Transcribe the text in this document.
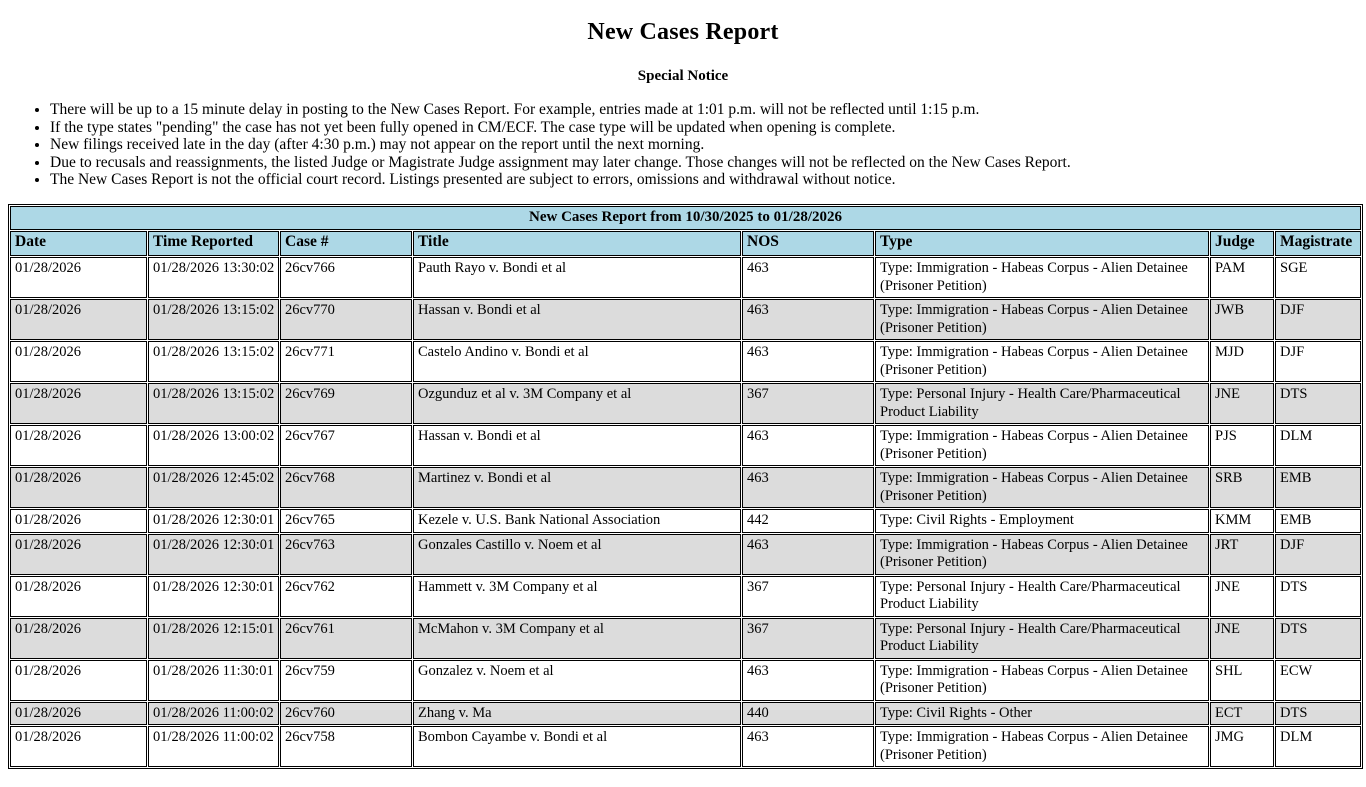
New Cases Report
Special Notice
• There will be up to a 15 minute delay in posting to the New Cases Report. For example, entries made at 1:01 p.m. will not be reflected until 1:15 p.m.
• If the type states "pending" the case has not yet been fully opened in CM/ECF. The case type will be updated when opening is complete.
• New filings received late in the day (after 4:30 p.m.) may not appear on the report until the next morning.
• Due to recusals and reassignments, the listed Judge or Magistrate Judge assignment may later change. Those changes will not be reflected on the New Cases Report.
• The New Cases Report is not the official court record. Listings presented are subject to errors, omissions and withdrawal without notice.
New Cases Report from 10/30/2025 to 01/28/2026							
Date	Time Reported	Case #	Title	NOS	Type	Judge	Magistrate
01/28/2026	01/28/2026 13:30:02	26cv766	Pauth Rayo v. Bondi et al	463	Type: Immigration - Habeas Corpus - Alien Detainee (Prisoner Petition)	PAM	SGE
01/28/2026	01/28/2026 13:15:02	26cv770	Hassan v. Bondi et al	463	Type: Immigration - Habeas Corpus - Alien Detainee (Prisoner Petition)	JWB	DJF
01/28/2026	01/28/2026 13:15:02	26cv771	Castelo Andino v. Bondi et al	463	Type: Immigration - Habeas Corpus - Alien Detainee (Prisoner Petition)	MJD	DJF
01/28/2026	01/28/2026 13:15:02	26cv769	Ozgunduz et al v. 3M Company et al	367	Type: Personal Injury - Health Care/Pharmaceutical Product Liability	JNE	DTS
01/28/2026	01/28/2026 13:00:02	26cv767	Hassan v. Bondi et al	463	Type: Immigration - Habeas Corpus - Alien Detainee (Prisoner Petition)	PJS	DLM
01/28/2026	01/28/2026 12:45:02	26cv768	Martinez v. Bondi et al	463	Type: Immigration - Habeas Corpus - Alien Detainee (Prisoner Petition)	SRB	EMB
01/28/2026	01/28/2026 12:30:01	26cv765	Kezele v. U.S. Bank National Association	442	Type: Civil Rights - Employment	KMM	EMB
01/28/2026	01/28/2026 12:30:01	26cv763	Gonzales Castillo v. Noem et al	463	Type: Immigration - Habeas Corpus - Alien Detainee (Prisoner Petition)	JRT	DJF
01/28/2026	01/28/2026 12:30:01	26cv762	Hammett v. 3M Company et al	367	Type: Personal Injury - Health Care/Pharmaceutical Product Liability	JNE	DTS
01/28/2026	01/28/2026 12:15:01	26cv761	McMahon v. 3M Company et al	367	Type: Personal Injury - Health Care/Pharmaceutical Product Liability	JNE	DTS
01/28/2026	01/28/2026 11:30:01	26cv759	Gonzalez v. Noem et al	463	Type: Immigration - Habeas Corpus - Alien Detainee (Prisoner Petition)	SHL	ECW
01/28/2026	01/28/2026 11:00:02	26cv760	Zhang v. Ma	440	Type: Civil Rights - Other	ECT	DTS
01/28/2026	01/28/2026 11:00:02	26cv758	Bombon Cayambe v. Bondi et al	463	Type: Immigration - Habeas Corpus - Alien Detainee (Prisoner Petition)	JMG	DLM
